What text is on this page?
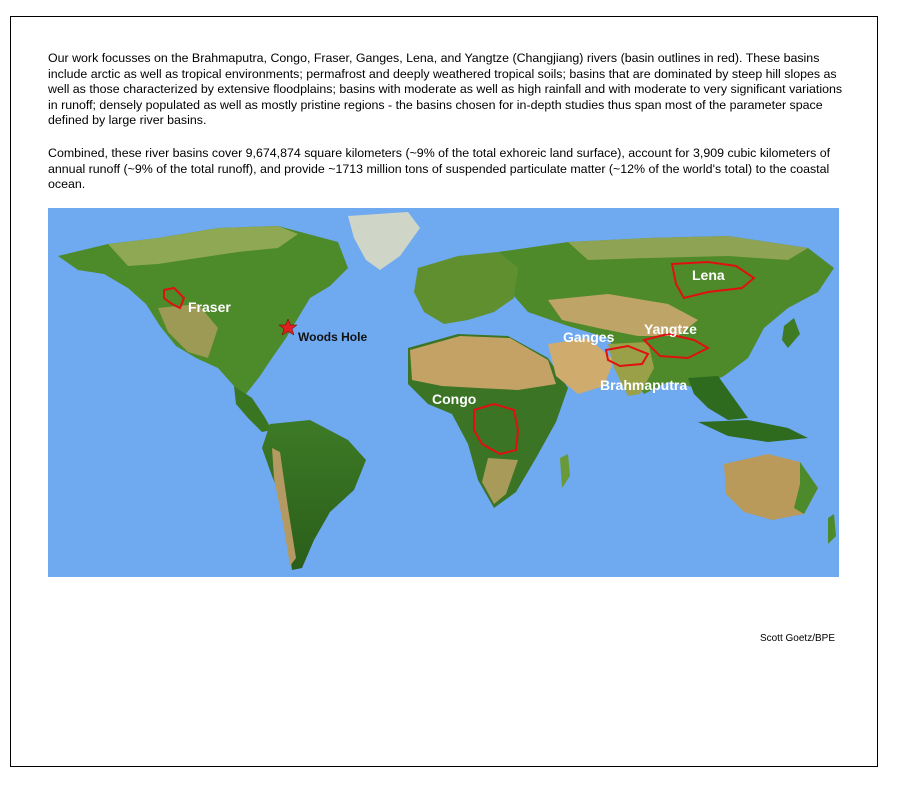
Our work focusses on the Brahmaputra, Congo, Fraser, Ganges, Lena, and Yangtze (Changjiang) rivers (basin outlines in red). These basins include arctic as well as tropical environments; permafrost and deeply weathered tropical soils; basins that are dominated by steep hill slopes as well as those characterized by extensive floodplains; basins with moderate as well as high rainfall and with moderate to very significant variations in runoff; densely populated as well as mostly pristine regions - the basins chosen for in-depth studies thus span most of the parameter space defined by large river basins.

Combined, these river basins cover 9,674,874 square kilometers (~9% of the total exhoreic land surface), account for 3,909 cubic kilometers of annual runoff (~9% of the total runoff), and provide ~1713 million tons of suspended particulate matter (~12% of the world's total) to the coastal ocean.

Fraser
Woods Hole
Congo
Ganges Yangtze
Brahmaputra
Lena
Scott Goetz/BPE
